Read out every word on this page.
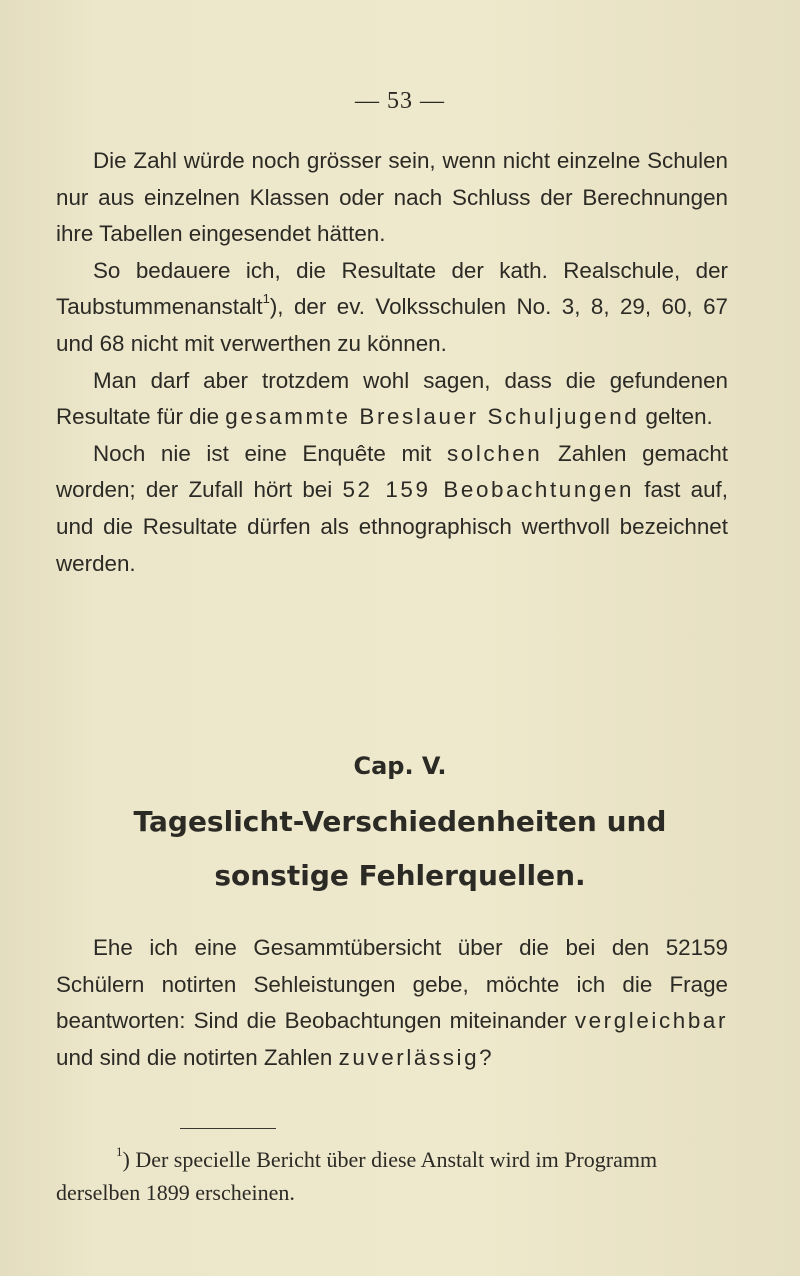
— 53 —

Die Zahl würde noch grösser sein, wenn nicht einzelne Schulen nur aus einzelnen Klassen oder nach Schluss der Berechnungen ihre Tabellen eingesendet hätten.

So bedauere ich, die Resultate der kath. Realschule, der Taubstummenanstalt$^1$), der ev. Volksschulen No. 3, 8, 29, 60, 67 und 68 nicht mit verwerthen zu können.

Man darf aber trotzdem wohl sagen, dass die gefundenen Resultate für die gesammte Breslauer Schuljugend gelten.

Noch nie ist eine Enquête mit solchen Zahlen gemacht worden; der Zufall hört bei 52 159 Beobachtungen fast auf, und die Resultate dürfen als ethnographisch werthvoll bezeichnet werden.

Cap. V.
Tageslicht-Verschiedenheiten und
sonstige Fehlerquellen.

Ehe ich eine Gesammtübersicht über die bei den 52159 Schülern notirten Sehleistungen gebe, möchte ich die Frage beantworten: Sind die Beobachtungen miteinander vergleichbar und sind die notirten Zahlen zuverlässig?

$^1$) Der specielle Bericht über diese Anstalt wird im Programm derselben 1899 erscheinen.
